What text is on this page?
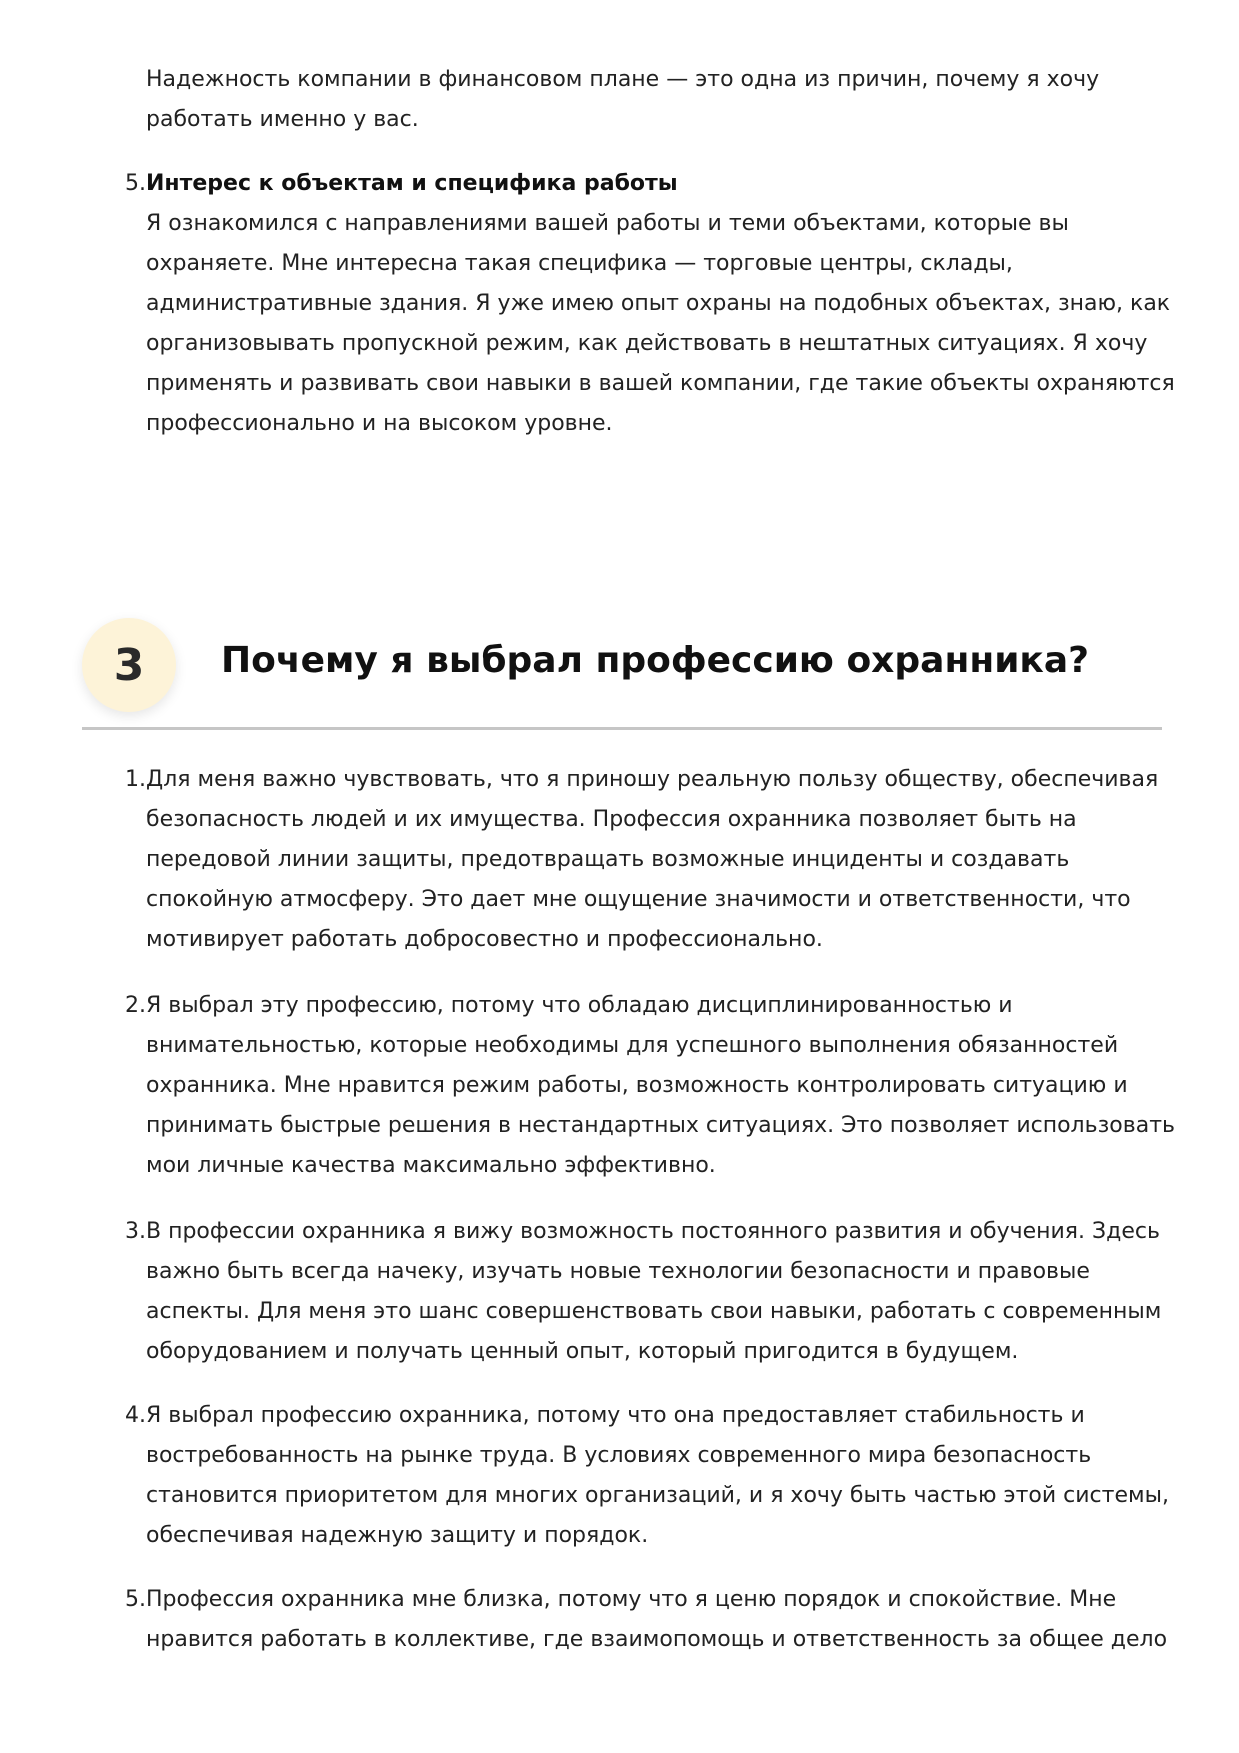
Надежность компании в финансовом плане — это одна из причин, почему я хочу работать именно у вас.

5. Интерес к объектам и специфика работы
Я ознакомился с направлениями вашей работы и теми объектами, которые вы охраняете. Мне интересна такая специфика — торговые центры, склады, административные здания. Я уже имею опыт охраны на подобных объектах, знаю, как организовывать пропускной режим, как действовать в нештатных ситуациях. Я хочу применять и развивать свои навыки в вашей компании, где такие объекты охраняются профессионально и на высоком уровне.
3	Почему я выбрал профессию охранника?
1. Для меня важно чувствовать, что я приношу реальную пользу обществу, обеспечивая безопасность людей и их имущества. Профессия охранника позволяет быть на передовой линии защиты, предотвращать возможные инциденты и создавать спокойную атмосферу. Это дает мне ощущение значимости и ответственности, что мотивирует работать добросовестно и профессионально.
2. Я выбрал эту профессию, потому что обладаю дисциплинированностью и внимательностью, которые необходимы для успешного выполнения обязанностей охранника. Мне нравится режим работы, возможность контролировать ситуацию и принимать быстрые решения в нестандартных ситуациях. Это позволяет использовать мои личные качества максимально эффективно.
3. В профессии охранника я вижу возможность постоянного развития и обучения. Здесь важно быть всегда начеку, изучать новые технологии безопасности и правовые аспекты. Для меня это шанс совершенствовать свои навыки, работать с современным оборудованием и получать ценный опыт, который пригодится в будущем.
4. Я выбрал профессию охранника, потому что она предоставляет стабильность и востребованность на рынке труда. В условиях современного мира безопасность становится приоритетом для многих организаций, и я хочу быть частью этой системы, обеспечивая надежную защиту и порядок.
5. Профессия охранника мне близка, потому что я ценю порядок и спокойствие. Мне нравится работать в коллективе, где взаимопомощь и ответственность за общее дело
